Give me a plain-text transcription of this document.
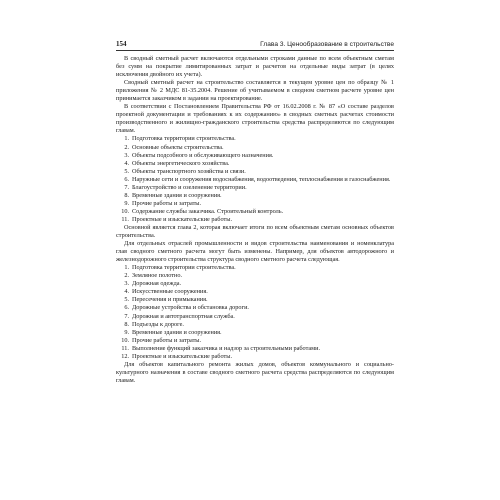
154	Глава 3. Ценообразование в строительстве

В сводный сметный расчет включаются отдельными строками данные по всем объектным сметам без сумм на покрытие лимитированных затрат и расчетов на отдельные виды затрат (в целях исключения двойного их учета).

Сводный сметный расчет на строительство составляется в текущем уровне цен по образцу № 1 приложения № 2 МДС 81-35.2004. Решение об учитываемом в сводном сметном расчете уровне цен принимается заказчиком в задании на проектирование.

В соответствии с Постановлением Правительства РФ от 16.02.2008 г. № 87 «О составе разделов проектной документации и требованиях к их содержанию» в сводных сметных расчетах стоимости производственного и жилищно-гражданского строительства средства распределяются по следующим главам.

1. Подготовка территории строительства.
2. Основные объекты строительства.
3. Объекты подсобного и обслуживающего назначения.
4. Объекты энергетического хозяйства.
5. Объекты транспортного хозяйства и связи.
6. Наружные сети и сооружения водоснабжения, водоотведения, теплоснабжения и газоснабжения.
7. Благоустройство и озеленение территории.
8. Временные здания и сооружения.
9. Прочие работы и затраты.
10. Содержание службы заказчика. Строительный контроль.
11. Проектные и изыскательские работы.

Основной является глава 2, которая включает итоги по всем объектным сметам основных объектов строительства.

Для отдельных отраслей промышленности и видов строительства наименования и номенклатура глав сводного сметного расчета могут быть изменены. Например, для объектов автодорожного и железнодорожного строительства структура сводного сметного расчета следующая.

1. Подготовка территории строительства.
2. Земляное полотно.
3. Дорожная одежда.
4. Искусственные сооружения.
5. Пересечения и примыкания.
6. Дорожные устройства и обстановка дороги.
7. Дорожная и автотранспортная служба.
8. Подъезды к дороге.
9. Временные здания и сооружения.
10. Прочие работы и затраты.
11. Выполнение функций заказчика и надзор за строительными работами.
12. Проектные и изыскательские работы.

Для объектов капитального ремонта жилых домов, объектов коммунального и социально-культурного назначения в составе сводного сметного расчета средства распределяются по следующим главам.
